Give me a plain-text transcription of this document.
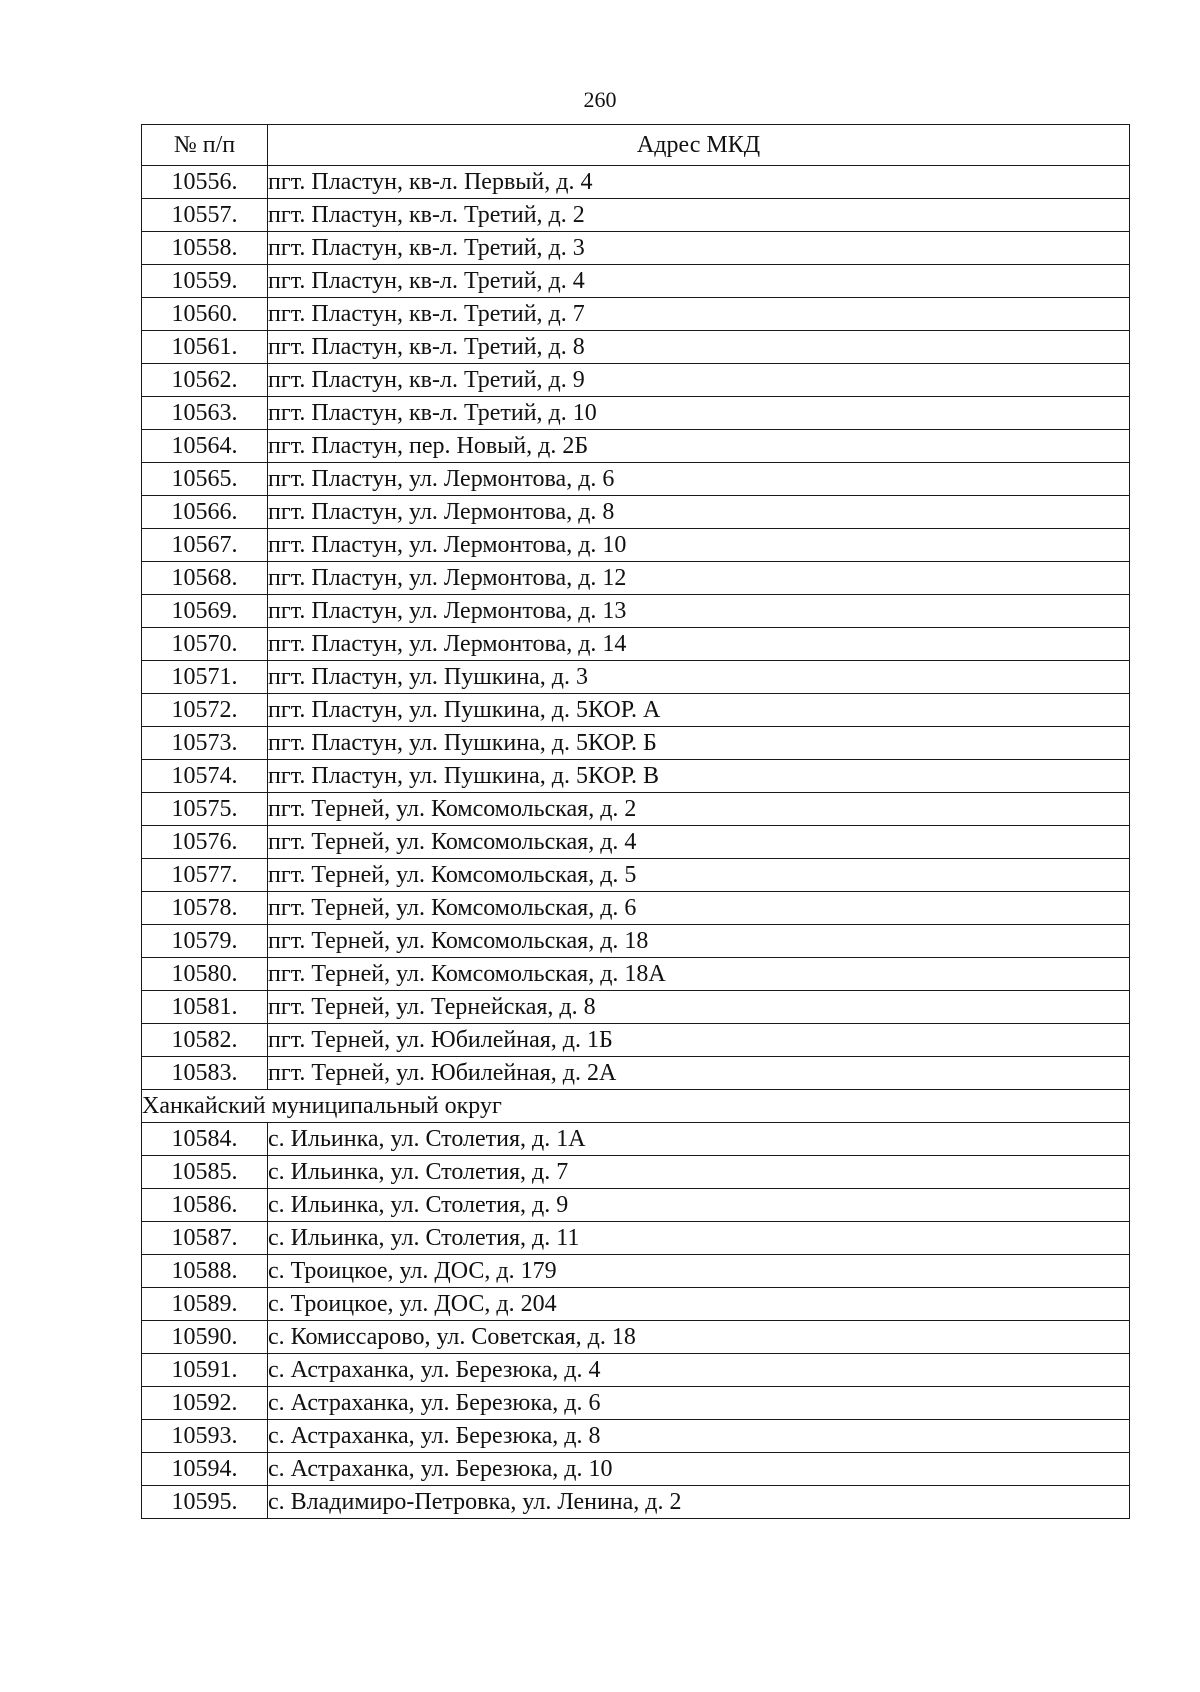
260
№ п/п	Адрес МКД
10556.	пгт. Пластун, кв-л. Первый, д. 4
10557.	пгт. Пластун, кв-л. Третий, д. 2
10558.	пгт. Пластун, кв-л. Третий, д. 3
10559.	пгт. Пластун, кв-л. Третий, д. 4
10560.	пгт. Пластун, кв-л. Третий, д. 7
10561.	пгт. Пластун, кв-л. Третий, д. 8
10562.	пгт. Пластун, кв-л. Третий, д. 9
10563.	пгт. Пластун, кв-л. Третий, д. 10
10564.	пгт. Пластун, пер. Новый, д. 2Б
10565.	пгт. Пластун, ул. Лермонтова, д. 6
10566.	пгт. Пластун, ул. Лермонтова, д. 8
10567.	пгт. Пластун, ул. Лермонтова, д. 10
10568.	пгт. Пластун, ул. Лермонтова, д. 12
10569.	пгт. Пластун, ул. Лермонтова, д. 13
10570.	пгт. Пластун, ул. Лермонтова, д. 14
10571.	пгт. Пластун, ул. Пушкина, д. 3
10572.	пгт. Пластун, ул. Пушкина, д. 5КОР. А
10573.	пгт. Пластун, ул. Пушкина, д. 5КОР. Б
10574.	пгт. Пластун, ул. Пушкина, д. 5КОР. В
10575.	пгт. Терней, ул. Комсомольская, д. 2
10576.	пгт. Терней, ул. Комсомольская, д. 4
10577.	пгт. Терней, ул. Комсомольская, д. 5
10578.	пгт. Терней, ул. Комсомольская, д. 6
10579.	пгт. Терней, ул. Комсомольская, д. 18
10580.	пгт. Терней, ул. Комсомольская, д. 18А
10581.	пгт. Терней, ул. Тернейская, д. 8
10582.	пгт. Терней, ул. Юбилейная, д. 1Б
10583.	пгт. Терней, ул. Юбилейная, д. 2А
Ханкайский муниципальный округ	
10584.	с. Ильинка, ул. Столетия, д. 1А
10585.	с. Ильинка, ул. Столетия, д. 7
10586.	с. Ильинка, ул. Столетия, д. 9
10587.	с. Ильинка, ул. Столетия, д. 11
10588.	с. Троицкое, ул. ДОС, д. 179
10589.	с. Троицкое, ул. ДОС, д. 204
10590.	с. Комиссарово, ул. Советская, д. 18
10591.	с. Астраханка, ул. Березюка, д. 4
10592.	с. Астраханка, ул. Березюка, д. 6
10593.	с. Астраханка, ул. Березюка, д. 8
10594.	с. Астраханка, ул. Березюка, д. 10
10595.	с. Владимиро-Петровка, ул. Ленина, д. 2
